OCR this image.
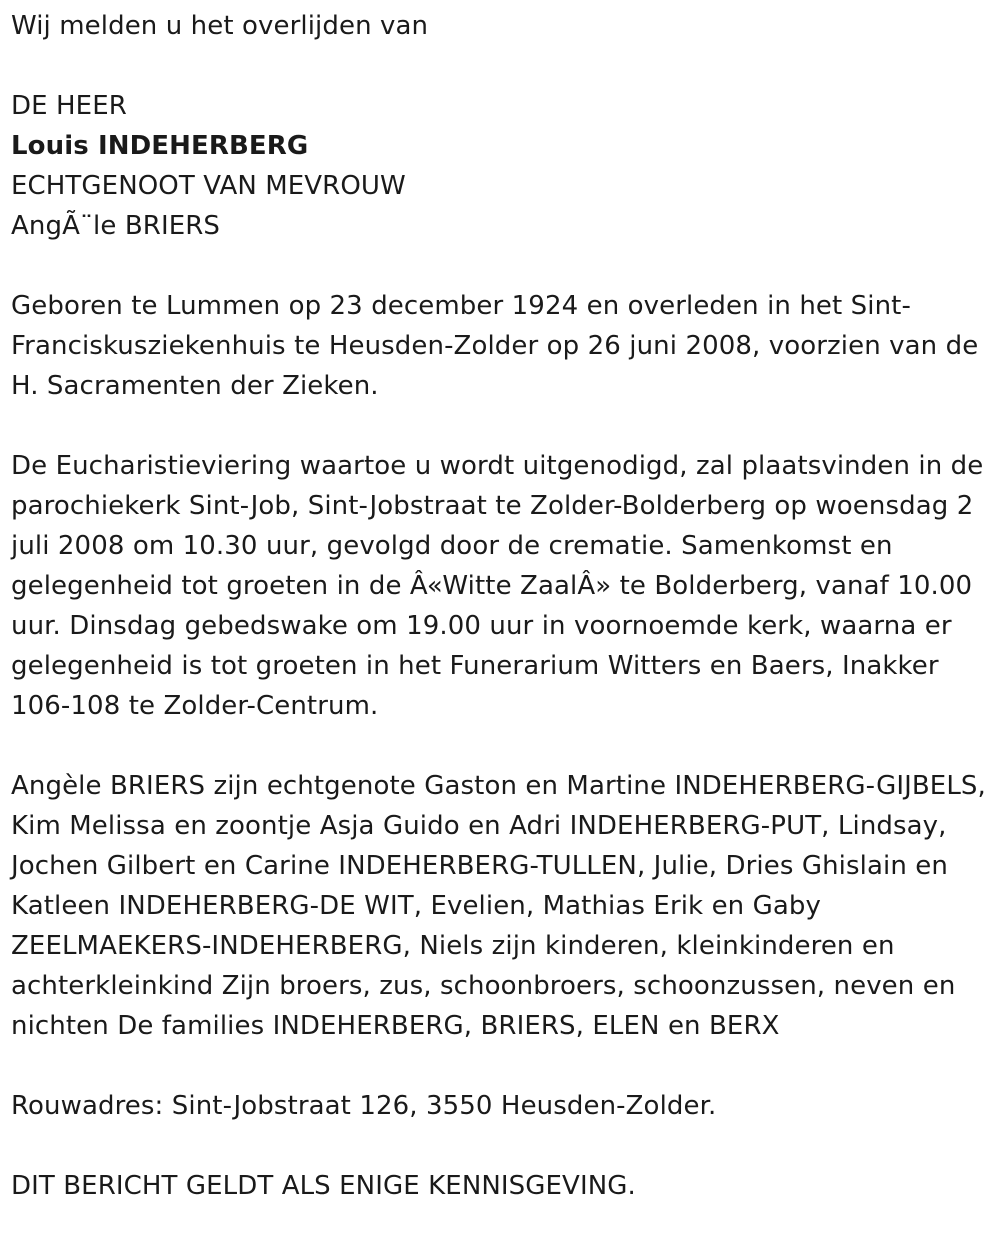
Wij melden u het overlijden van

DE HEER

Louis INDEHERBERG

ECHTGENOOT VAN MEVROUW

AngÃ¨le BRIERS

Geboren te Lummen op 23 december 1924 en overleden in het Sint-Franciskusziekenhuis te Heusden-Zolder op 26 juni 2008, voorzien van de H. Sacramenten der Zieken.

De Eucharistieviering waartoe u wordt uitgenodigd, zal plaatsvinden in de parochiekerk Sint-Job, Sint-Jobstraat te Zolder-Bolderberg op woensdag 2 juli 2008 om 10.30 uur, gevolgd door de crematie. Samenkomst en gelegenheid tot groeten in de Â«Witte ZaalÂ» te Bolderberg, vanaf 10.00 uur. Dinsdag gebedswake om 19.00 uur in voornoemde kerk, waarna er gelegenheid is tot groeten in het Funerarium Witters en Baers, Inakker 106-108 te Zolder-Centrum.

Angèle BRIERS zijn echtgenote Gaston en Martine INDEHERBERG-GIJBELS, Kim Melissa en zoontje Asja Guido en Adri INDEHERBERG-PUT, Lindsay, Jochen Gilbert en Carine INDEHERBERG-TULLEN, Julie, Dries Ghislain en Katleen INDEHERBERG-DE WIT, Evelien, Mathias Erik en Gaby ZEELMAEKERS-INDEHERBERG, Niels zijn kinderen, kleinkinderen en achterkleinkind Zijn broers, zus, schoonbroers, schoonzussen, neven en nichten De families INDEHERBERG, BRIERS, ELEN en BERX

Rouwadres: Sint-Jobstraat 126, 3550 Heusden-Zolder.

DIT BERICHT GELDT ALS ENIGE KENNISGEVING.
